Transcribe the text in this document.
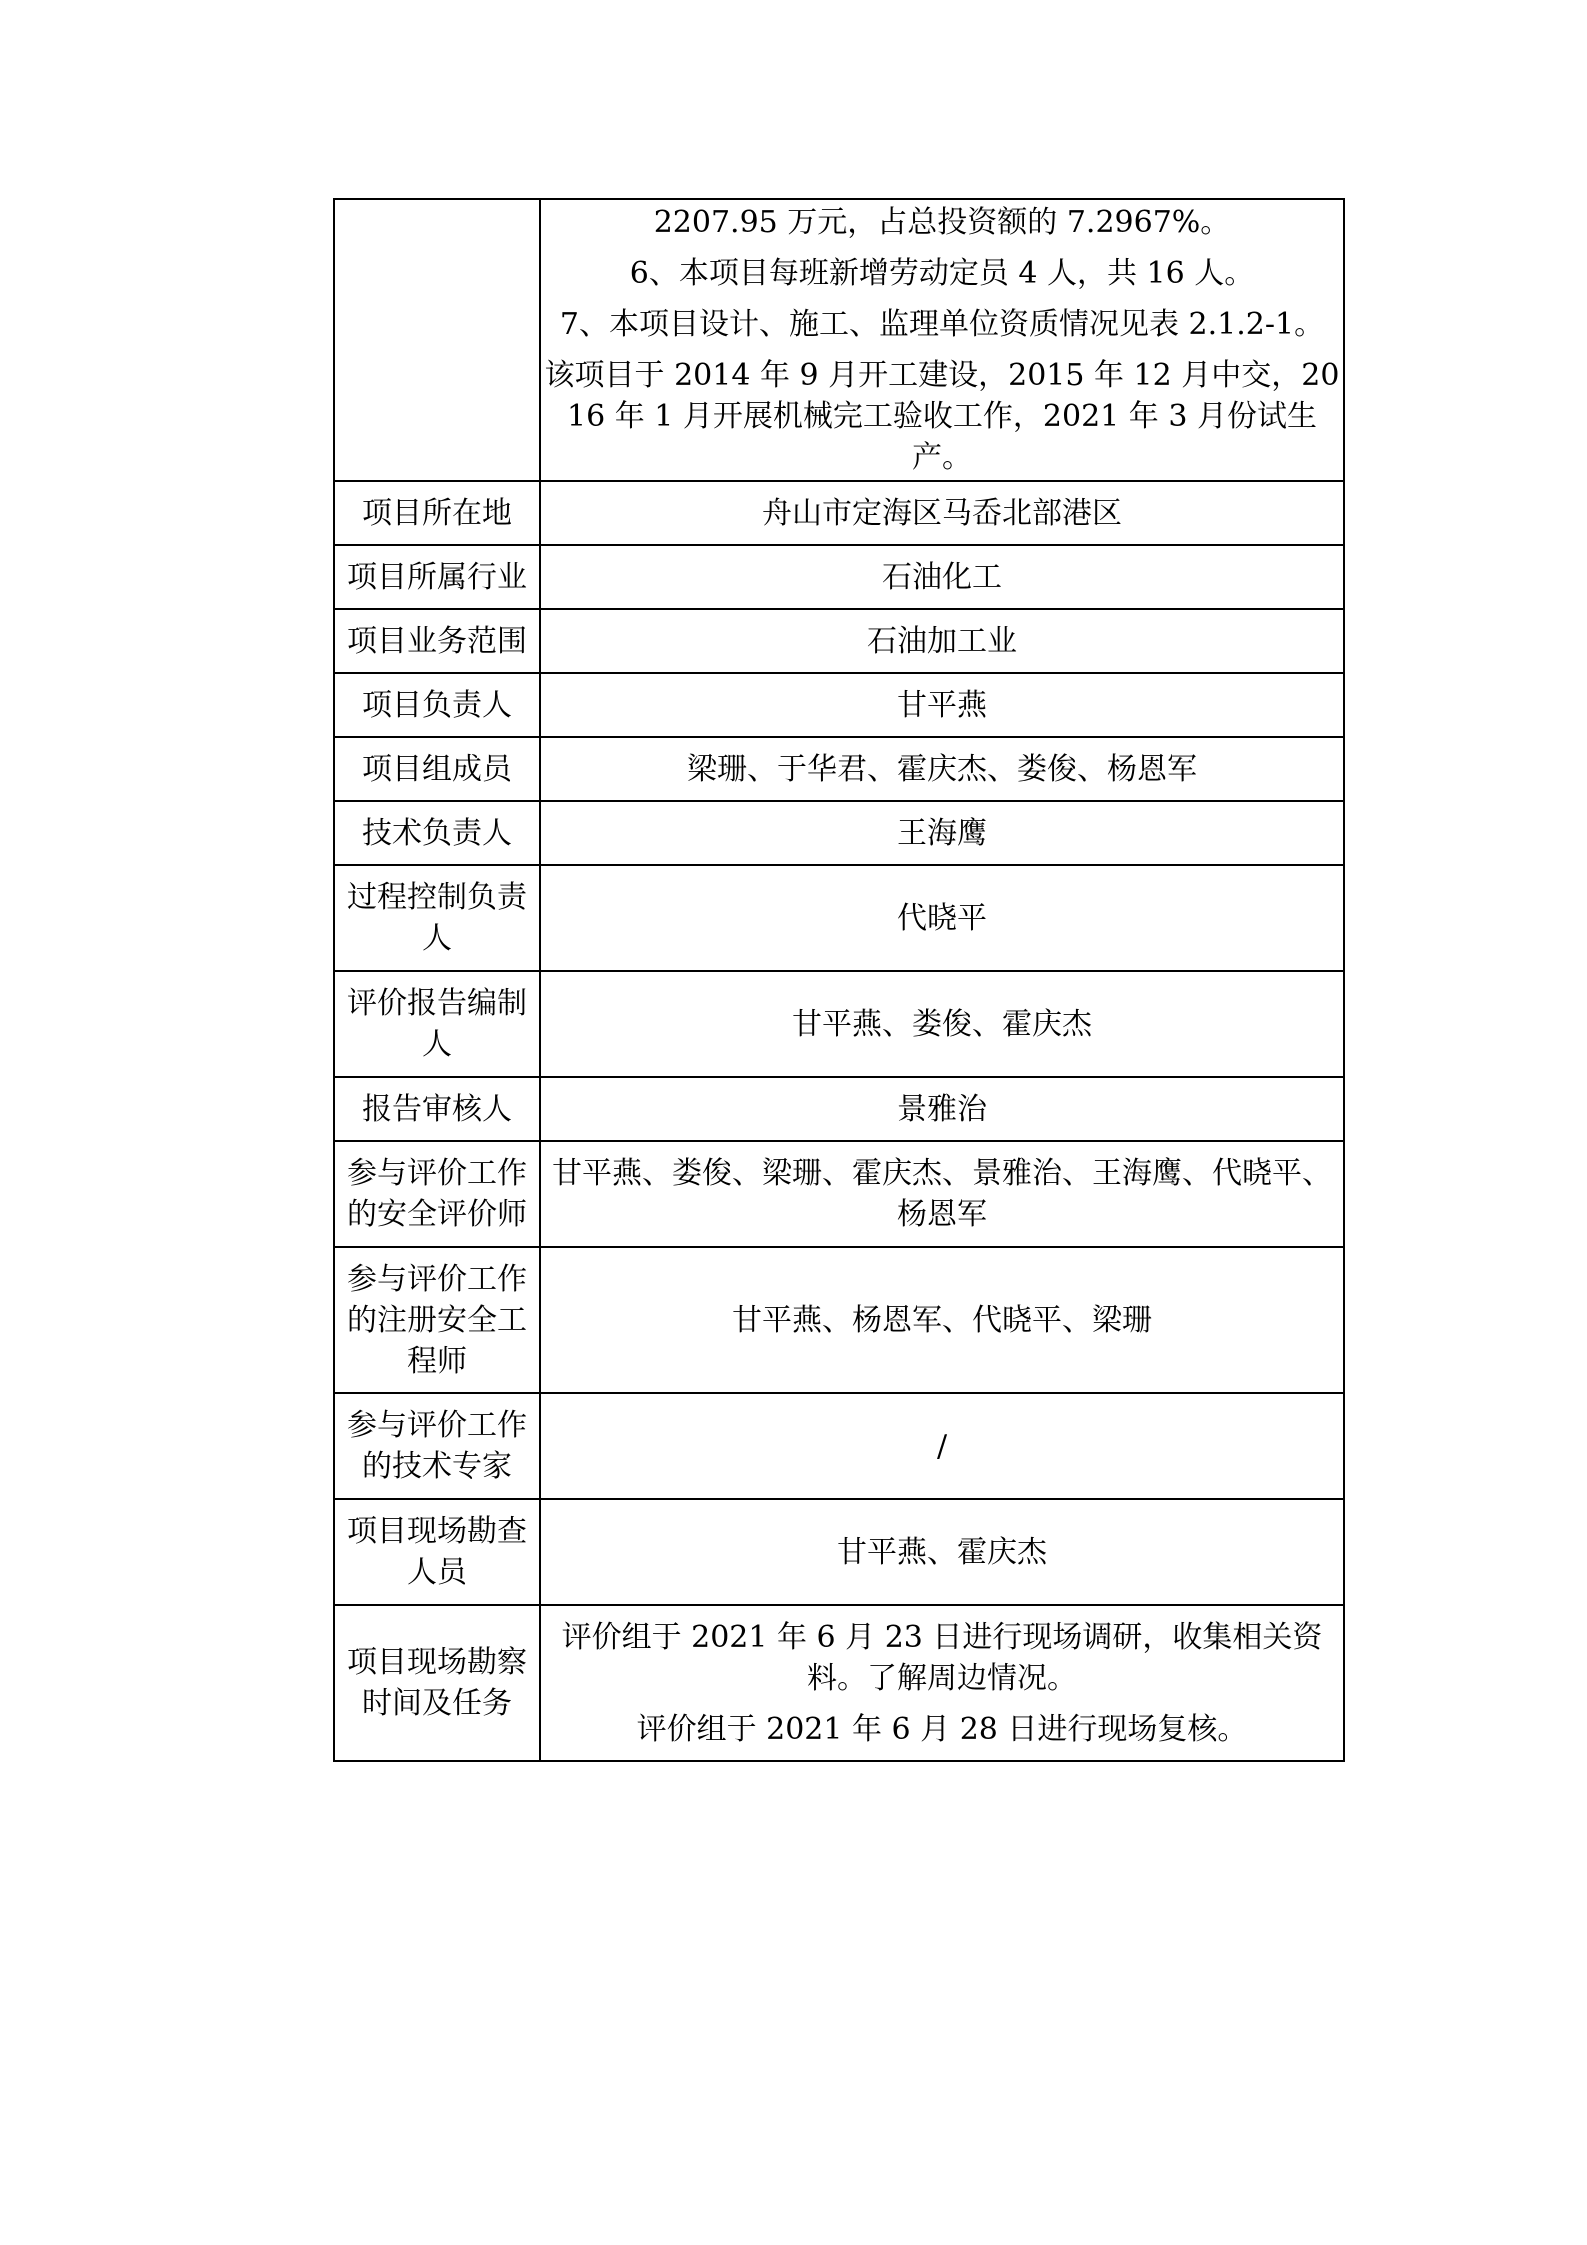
	2207.95 万元，占总投资额的 7.2967%。
6、本项目每班新增劳动定员 4 人，共 16 人。
7、本项目设计、施工、监理单位资质情况见表 2.1.2-1。
该项目于 2014 年 9 月开工建设，2015 年 12 月中交，2016 年 1 月开展机械完工验收工作，2021 年 3 月份试生产。

项目所在地	舟山市定海区马岙北部港区
项目所属行业	石油化工
项目业务范围	石油加工业
项目负责人	甘平燕
项目组成员	梁珊、于华君、霍庆杰、娄俊、杨恩军
技术负责人	王海鹰
过程控制负责人	代晓平
评价报告编制人	甘平燕、娄俊、霍庆杰
报告审核人	景雅治
参与评价工作的安全评价师	甘平燕、娄俊、梁珊、霍庆杰、景雅治、王海鹰、代晓平、杨恩军
参与评价工作的注册安全工程师	甘平燕、杨恩军、代晓平、梁珊
参与评价工作的技术专家	/
项目现场勘查人员	甘平燕、霍庆杰
项目现场勘察时间及任务	评价组于 2021 年 6 月 23 日进行现场调研，收集相关资料。了解周边情况。
评价组于 2021 年 6 月 28 日进行现场复核。
